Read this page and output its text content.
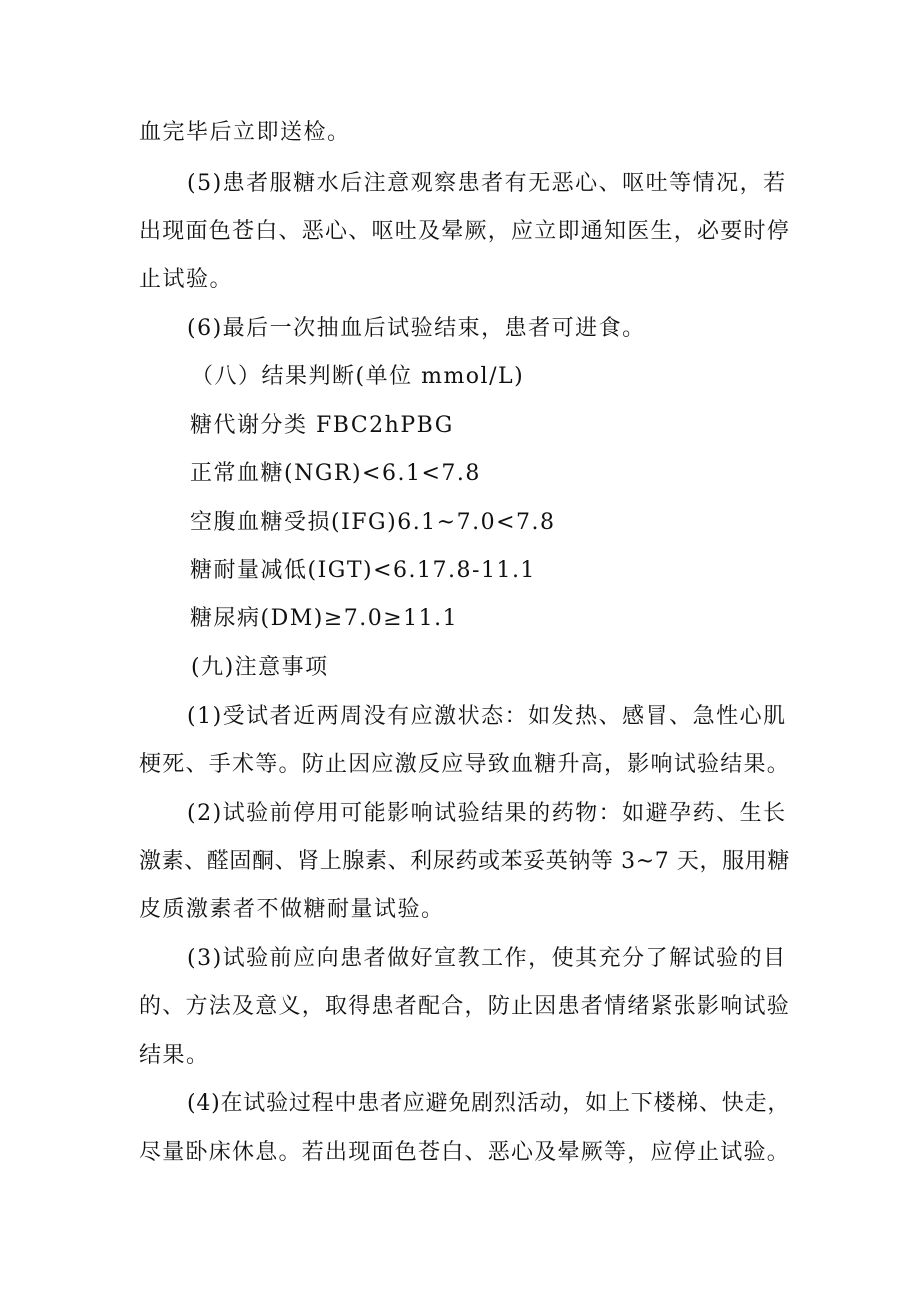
血完毕后立即送检。
(5)患者服糖水后注意观察患者有无恶心、呕吐等情况，若
出现面色苍白、恶心、呕吐及晕厥，应立即通知医生，必要时停
止试验。
(6)最后一次抽血后试验结束，患者可进食。
（八）结果判断(单位 mmol/L)
糖代谢分类 FBC2hPBG
正常血糖(NGR)<6.1<7.8
空腹血糖受损(IFG)6.1~7.0<7.8
糖耐量减低(IGT)<6.17.8-11.1
糖尿病(DM)≥7.0≥11.1
(九)注意事项
(1)受试者近两周没有应激状态：如发热、感冒、急性心肌
梗死、手术等。防止因应激反应导致血糖升高，影响试验结果。
(2)试验前停用可能影响试验结果的药物：如避孕药、生长
激素、醛固酮、肾上腺素、利尿药或苯妥英钠等 3~7 天，服用糖
皮质激素者不做糖耐量试验。
(3)试验前应向患者做好宣教工作，使其充分了解试验的目
的、方法及意义，取得患者配合，防止因患者情绪紧张影响试验
结果。
(4)在试验过程中患者应避免剧烈活动，如上下楼梯、快走，
尽量卧床休息。若出现面色苍白、恶心及晕厥等，应停止试验。
